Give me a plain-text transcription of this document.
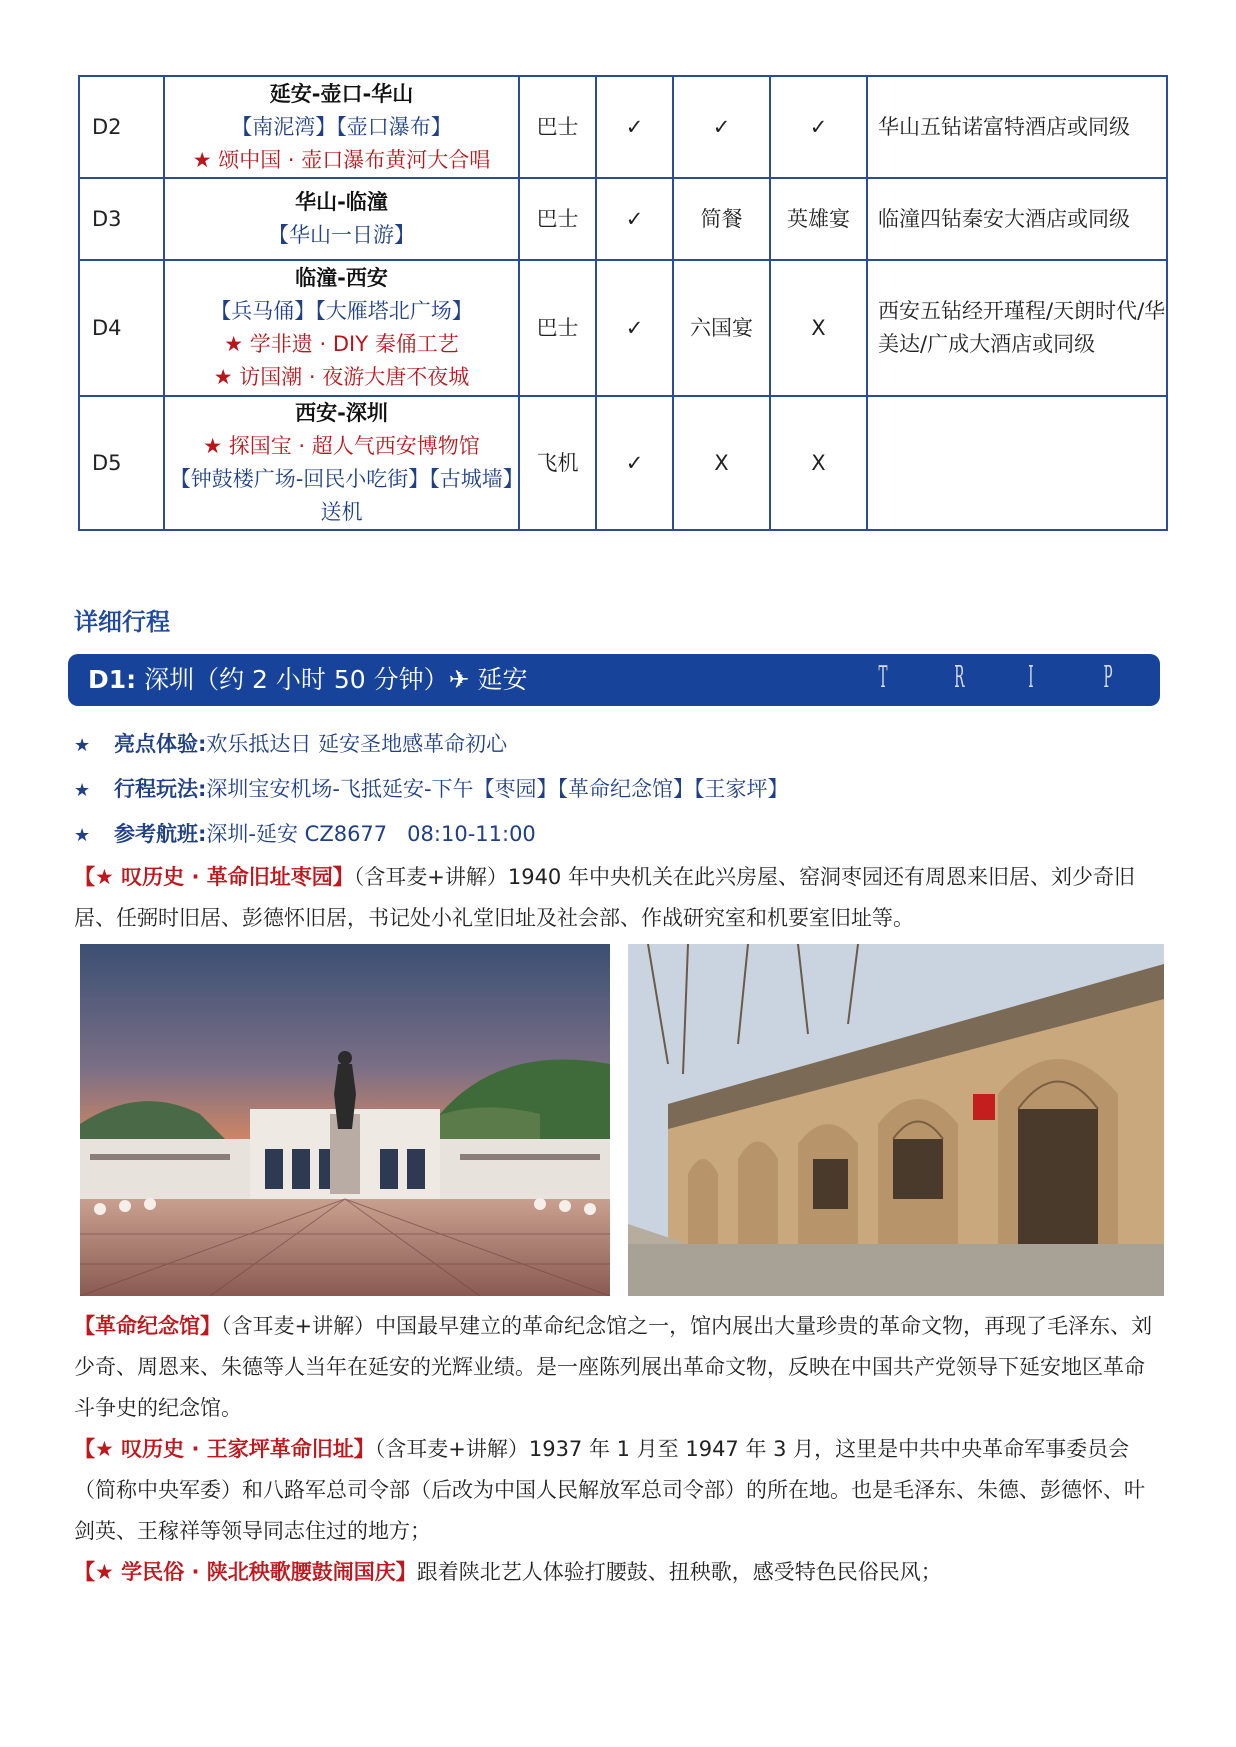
D2	延安-壶口-华山
【南泥湾】【壶口瀑布】
★ 颂中国 · 壶口瀑布黄河大合唱	巴士	✓	✓	✓	华山五钻诺富特酒店或同级
D3	华山-临潼
【华山一日游】	巴士	✓	简餐	英雄宴	临潼四钻秦安大酒店或同级
D4	临潼-西安
【兵马俑】【大雁塔北广场】
★ 学非遗 · DIY 秦俑工艺
★ 访国潮 · 夜游大唐不夜城	巴士	✓	六国宴	X	西安五钻经开瑾程/天朗时代/华美达/广成大酒店或同级
D5	西安-深圳
★ 探国宝 · 超人气西安博物馆
【钟鼓楼广场-回民小吃街】【古城墙】送机	飞机	✓	X	X	
详细行程
D1: 深圳（约 2 小时 50 分钟）✈ 延安	T R I P
★ 亮点体验:欢乐抵达日 延安圣地感革命初心
★ 行程玩法:深圳宝安机场-飞抵延安-下午【枣园】【革命纪念馆】【王家坪】
★ 参考航班:深圳-延安 CZ8677   08:10-11:00
【★ 叹历史 · 革命旧址枣园】（含耳麦+讲解）1940 年中央机关在此兴房屋、窑洞枣园还有周恩来旧居、刘少奇旧居、任弼时旧居、彭德怀旧居，书记处小礼堂旧址及社会部、作战研究室和机要室旧址等。
【革命纪念馆】（含耳麦+讲解）中国最早建立的革命纪念馆之一，馆内展出大量珍贵的革命文物，再现了毛泽东、刘少奇、周恩来、朱德等人当年在延安的光辉业绩。是一座陈列展出革命文物，反映在中国共产党领导下延安地区革命斗争史的纪念馆。
【★ 叹历史 · 王家坪革命旧址】（含耳麦+讲解）1937 年 1 月至 1947 年 3 月，这里是中共中央革命军事委员会（简称中央军委）和八路军总司令部（后改为中国人民解放军总司令部）的所在地。也是毛泽东、朱德、彭德怀、叶剑英、王稼祥等领导同志住过的地方；
【★ 学民俗 · 陕北秧歌腰鼓闹国庆】跟着陕北艺人体验打腰鼓、扭秧歌，感受特色民俗民风；
